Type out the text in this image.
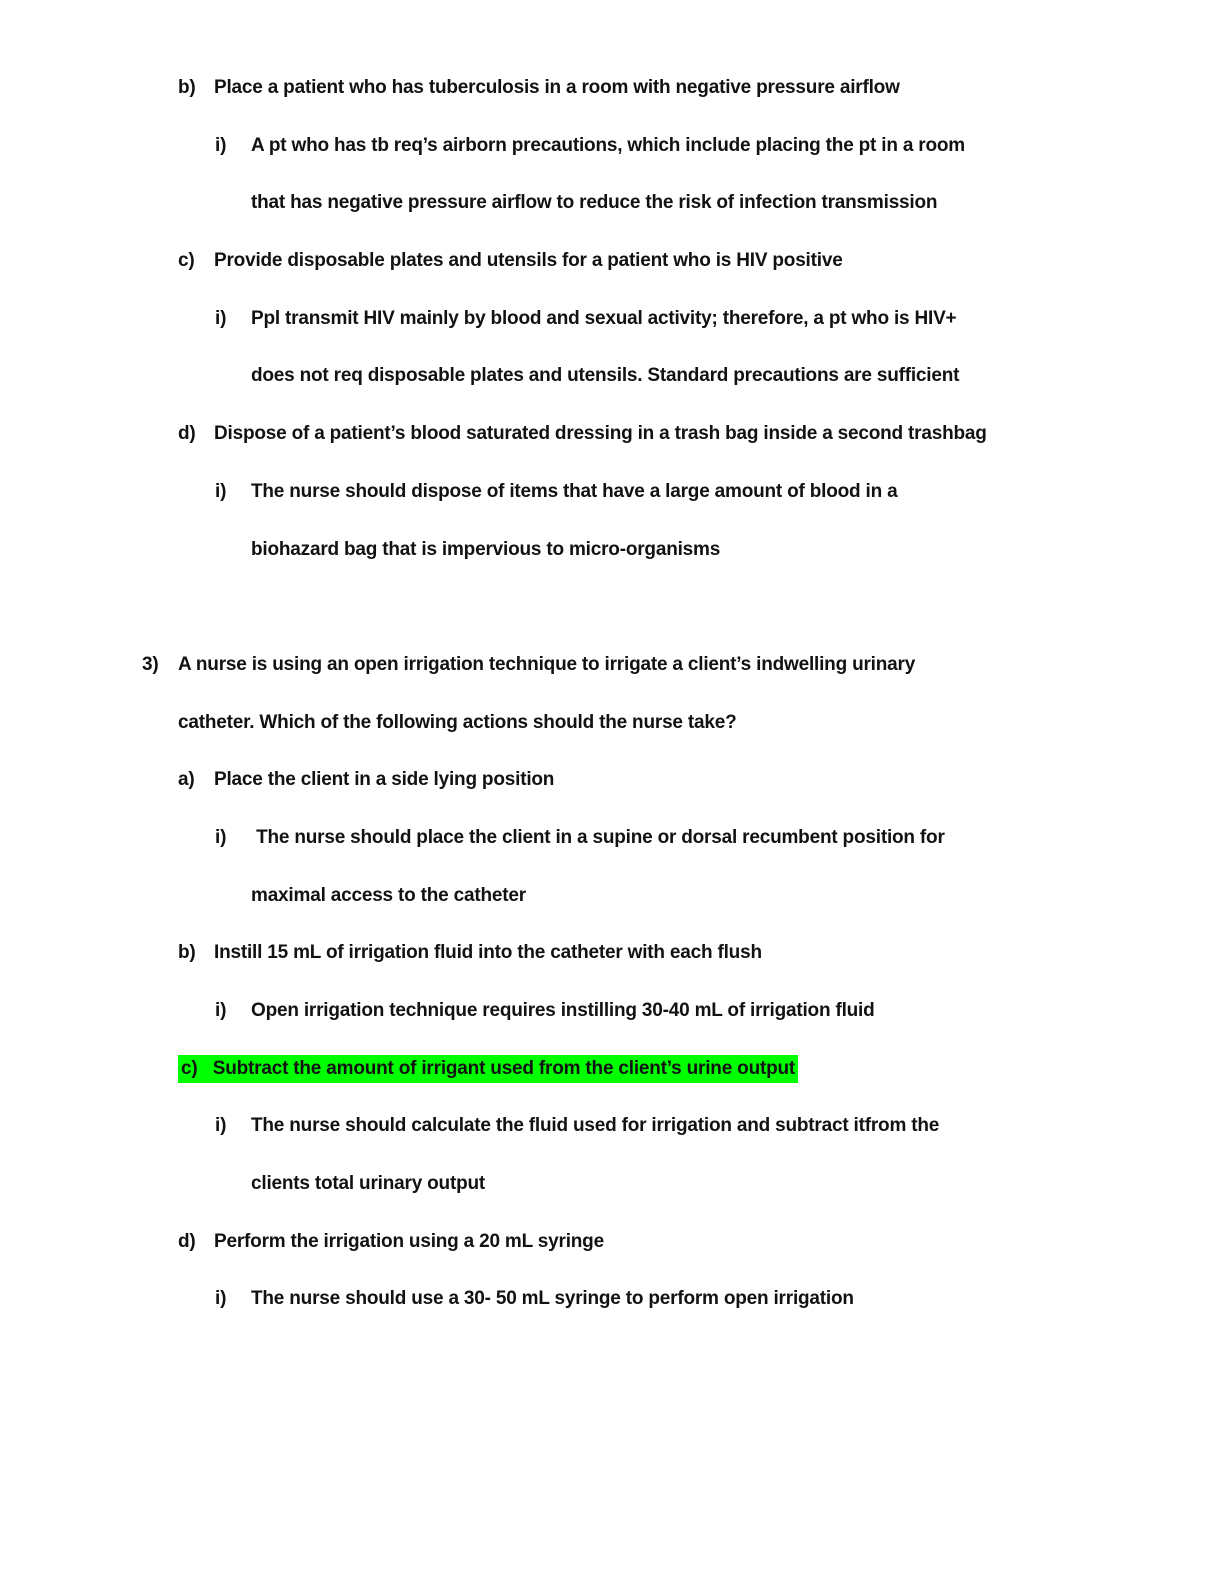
b) Place a patient who has tuberculosis in a room with negative pressure airflow
i)	A pt who has tb req’s airborn precautions, which include placing the pt in a room
that has negative pressure airflow to reduce the risk of infection transmission
c)	Provide disposable plates and utensils for a patient who is HIV positive
i)	Ppl transmit HIV mainly by blood and sexual activity; therefore, a pt who is HIV+
does not req disposable plates and utensils. Standard precautions are sufficient
d) Dispose of a patient’s blood saturated dressing in a trash bag inside a second trashbag
i)	The nurse should dispose of items that have a large amount of blood in a
biohazard bag that is impervious to micro-organisms
3)	A nurse is using an open irrigation technique to irrigate a client’s indwelling urinary
catheter. Which of the following actions should the nurse take?
a)	Place the client in a side lying position
i)	The nurse should place the client in a supine or dorsal recumbent position for
maximal access to the catheter
b) Instill 15 mL of irrigation fluid into the catheter with each flush
i)	Open irrigation technique requires instilling 30-40 mL of irrigation fluid
c)   Subtract the amount of irrigant used from the client’s urine output
i)	The nurse should calculate the fluid used for irrigation and subtract itfrom the
clients total urinary output
d) Perform the irrigation using a 20 mL syringe
i)	The nurse should use a 30- 50 mL syringe to perform open irrigation
